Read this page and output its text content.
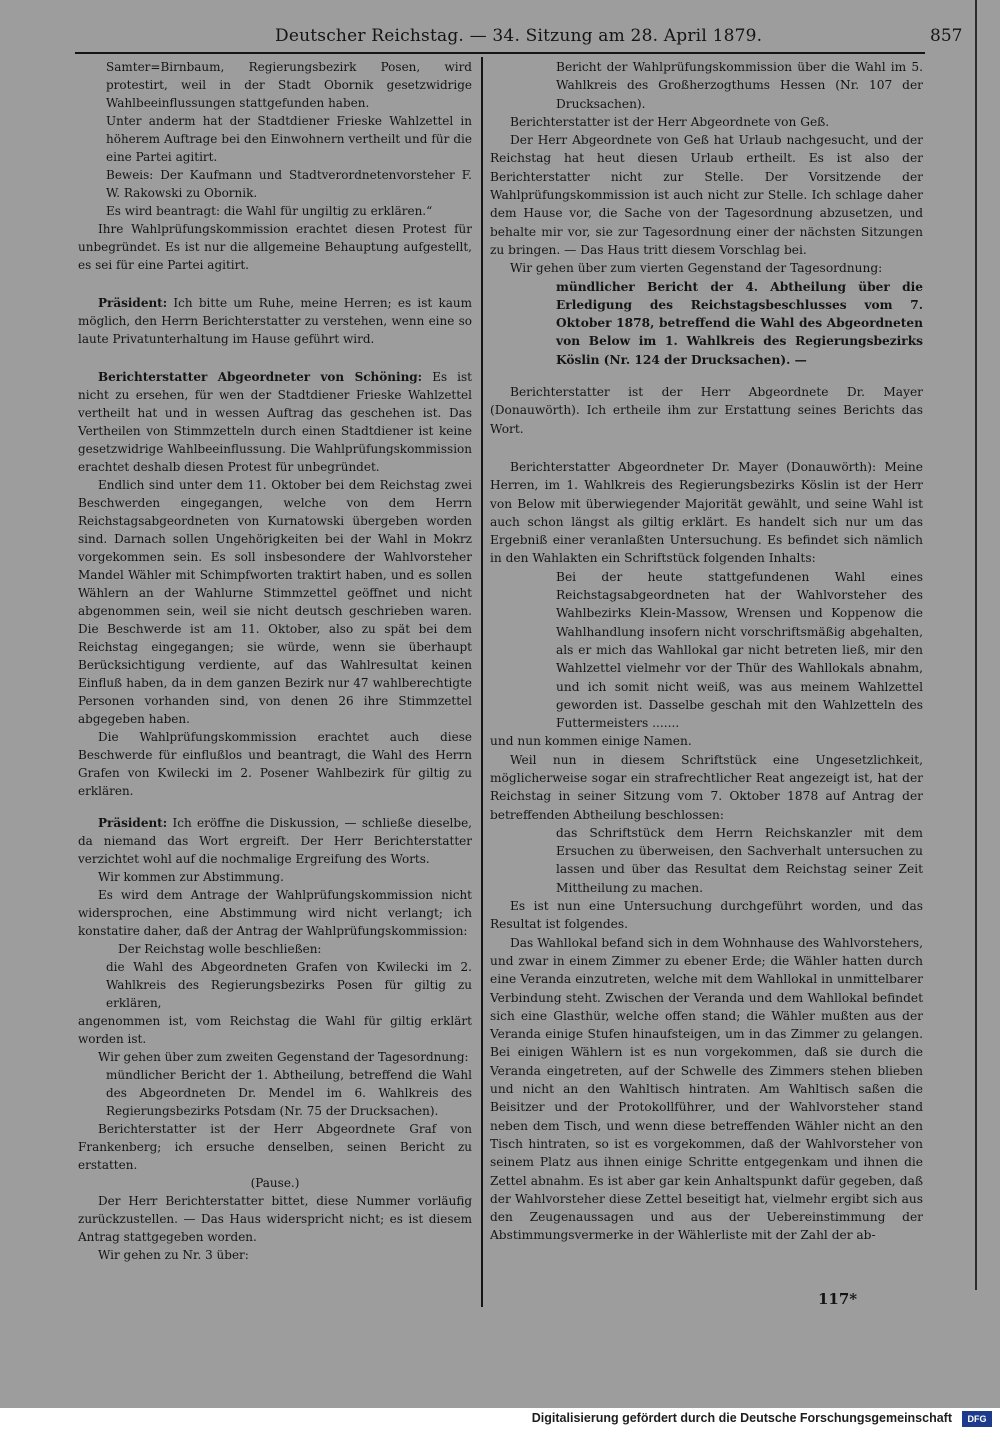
Deutscher Reichstag. — 34. Sitzung am 28. April 1879.	857

Samter=Birnbaum, Regierungsbezirk Posen, wird protestirt, weil in der Stadt Obornik gesetzwidrige Wahlbeeinflussungen stattgefunden haben.

Unter anderm hat der Stadtdiener Frieske Wahlzettel in höherem Auftrage bei den Einwohnern vertheilt und für die eine Partei agitirt.

Beweis: Der Kaufmann und Stadtverordnetenvorsteher F. W. Rakowski zu Obornik.

Es wird beantragt: die Wahl für ungiltig zu erklären.“

Ihre Wahlprüfungskommission erachtet diesen Protest für unbegründet. Es ist nur die allgemeine Behauptung aufgestellt, es sei für eine Partei agitirt.

Präsident: Ich bitte um Ruhe, meine Herren; es ist kaum möglich, den Herrn Berichterstatter zu verstehen, wenn eine so laute Privatunterhaltung im Hause geführt wird.

Berichterstatter Abgeordneter von Schöning: Es ist nicht zu ersehen, für wen der Stadtdiener Frieske Wahlzettel vertheilt hat und in wessen Auftrag das geschehen ist. Das Vertheilen von Stimmzetteln durch einen Stadtdiener ist keine gesetzwidrige Wahlbeeinflussung. Die Wahlprüfungskommission erachtet deshalb diesen Protest für unbegründet.

Endlich sind unter dem 11. Oktober bei dem Reichstag zwei Beschwerden eingegangen, welche von dem Herrn Reichstagsabgeordneten von Kurnatowski übergeben worden sind. Darnach sollen Ungehörigkeiten bei der Wahl in Mokrz vorgekommen sein. Es soll insbesondere der Wahlvorsteher Mandel Wähler mit Schimpfworten traktirt haben, und es sollen Wählern an der Wahlurne Stimmzettel geöffnet und nicht abgenommen sein, weil sie nicht deutsch geschrieben waren. Die Beschwerde ist am 11. Oktober, also zu spät bei dem Reichstag eingegangen; sie würde, wenn sie überhaupt Berücksichtigung verdiente, auf das Wahlresultat keinen Einfluß haben, da in dem ganzen Bezirk nur 47 wahlberechtigte Personen vorhanden sind, von denen 26 ihre Stimmzettel abgegeben haben.

Die Wahlprüfungskommission erachtet auch diese Beschwerde für einflußlos und beantragt, die Wahl des Herrn Grafen von Kwilecki im 2. Posener Wahlbezirk für giltig zu erklären.

Präsident: Ich eröffne die Diskussion, — schließe dieselbe, da niemand das Wort ergreift. Der Herr Berichterstatter verzichtet wohl auf die nochmalige Ergreifung des Worts.

Wir kommen zur Abstimmung.

Es wird dem Antrage der Wahlprüfungskommission nicht widersprochen, eine Abstimmung wird nicht verlangt; ich konstatire daher, daß der Antrag der Wahlprüfungskommission:

Der Reichstag wolle beschließen:

die Wahl des Abgeordneten Grafen von Kwilecki im 2. Wahlkreis des Regierungsbezirks Posen für giltig zu erklären,

angenommen ist, vom Reichstag die Wahl für giltig erklärt worden ist.

Wir gehen über zum zweiten Gegenstand der Tagesordnung:

mündlicher Bericht der 1. Abtheilung, betreffend die Wahl des Abgeordneten Dr. Mendel im 6. Wahlkreis des Regierungsbezirks Potsdam (Nr. 75 der Drucksachen).

Berichterstatter ist der Herr Abgeordnete Graf von Frankenberg; ich ersuche denselben, seinen Bericht zu erstatten.

(Pause.)

Der Herr Berichterstatter bittet, diese Nummer vorläufig zurückzustellen. — Das Haus widerspricht nicht; es ist diesem Antrag stattgegeben worden.

Wir gehen zu Nr. 3 über:

Bericht der Wahlprüfungskommission über die Wahl im 5. Wahlkreis des Großherzogthums Hessen (Nr. 107 der Drucksachen).

Berichterstatter ist der Herr Abgeordnete von Geß.

Der Herr Abgeordnete von Geß hat Urlaub nachgesucht, und der Reichstag hat heut diesen Urlaub ertheilt. Es ist also der Berichterstatter nicht zur Stelle. Der Vorsitzende der Wahlprüfungskommission ist auch nicht zur Stelle. Ich schlage daher dem Hause vor, die Sache von der Tagesordnung abzusetzen, und behalte mir vor, sie zur Tagesordnung einer der nächsten Sitzungen zu bringen. — Das Haus tritt diesem Vorschlag bei.

Wir gehen über zum vierten Gegenstand der Tagesordnung:

mündlicher Bericht der 4. Abtheilung über die Erledigung des Reichstagsbeschlusses vom 7. Oktober 1878, betreffend die Wahl des Abgeordneten von Below im 1. Wahlkreis des Regierungsbezirks Köslin (Nr. 124 der Drucksachen). —

Berichterstatter ist der Herr Abgeordnete Dr. Mayer (Donauwörth). Ich ertheile ihm zur Erstattung seines Berichts das Wort.

Berichterstatter Abgeordneter Dr. Mayer (Donauwörth): Meine Herren, im 1. Wahlkreis des Regierungsbezirks Köslin ist der Herr von Below mit überwiegender Majorität gewählt, und seine Wahl ist auch schon längst als giltig erklärt. Es handelt sich nur um das Ergebniß einer veranlaßten Untersuchung. Es befindet sich nämlich in den Wahlakten ein Schriftstück folgenden Inhalts:

Bei der heute stattgefundenen Wahl eines Reichstagsabgeordneten hat der Wahlvorsteher des Wahlbezirks Klein-Massow, Wrensen und Koppenow die Wahlhandlung insofern nicht vorschriftsmäßig abgehalten, als er mich das Wahllokal gar nicht betreten ließ, mir den Wahlzettel vielmehr vor der Thür des Wahllokals abnahm, und ich somit nicht weiß, was aus meinem Wahlzettel geworden ist. Dasselbe geschah mit den Wahlzetteln des Futtermeisters .......

und nun kommen einige Namen.

Weil nun in diesem Schriftstück eine Ungesetzlichkeit, möglicherweise sogar ein strafrechtlicher Reat angezeigt ist, hat der Reichstag in seiner Sitzung vom 7. Oktober 1878 auf Antrag der betreffenden Abtheilung beschlossen:

das Schriftstück dem Herrn Reichskanzler mit dem Ersuchen zu überweisen, den Sachverhalt untersuchen zu lassen und über das Resultat dem Reichstag seiner Zeit Mittheilung zu machen.

Es ist nun eine Untersuchung durchgeführt worden, und das Resultat ist folgendes.

Das Wahllokal befand sich in dem Wohnhause des Wahlvorstehers, und zwar in einem Zimmer zu ebener Erde; die Wähler hatten durch eine Veranda einzutreten, welche mit dem Wahllokal in unmittelbarer Verbindung steht. Zwischen der Veranda und dem Wahllokal befindet sich eine Glasthür, welche offen stand; die Wähler mußten aus der Veranda einige Stufen hinaufsteigen, um in das Zimmer zu gelangen. Bei einigen Wählern ist es nun vorgekommen, daß sie durch die Veranda eingetreten, auf der Schwelle des Zimmers stehen blieben und nicht an den Wahltisch hintraten. Am Wahltisch saßen die Beisitzer und der Protokollführer, und der Wahlvorsteher stand neben dem Tisch, und wenn diese betreffenden Wähler nicht an den Tisch hintraten, so ist es vorgekommen, daß der Wahlvorsteher von seinem Platz aus ihnen einige Schritte entgegenkam und ihnen die Zettel abnahm. Es ist aber gar kein Anhaltspunkt dafür gegeben, daß der Wahlvorsteher diese Zettel beseitigt hat, vielmehr ergibt sich aus den Zeugenaussagen und aus der Uebereinstimmung der Abstimmungsvermerke in der Wählerliste mit der Zahl der ab-

117*
Digitalisierung gefördert durch die Deutsche Forschungsgemeinschaft	DFG
